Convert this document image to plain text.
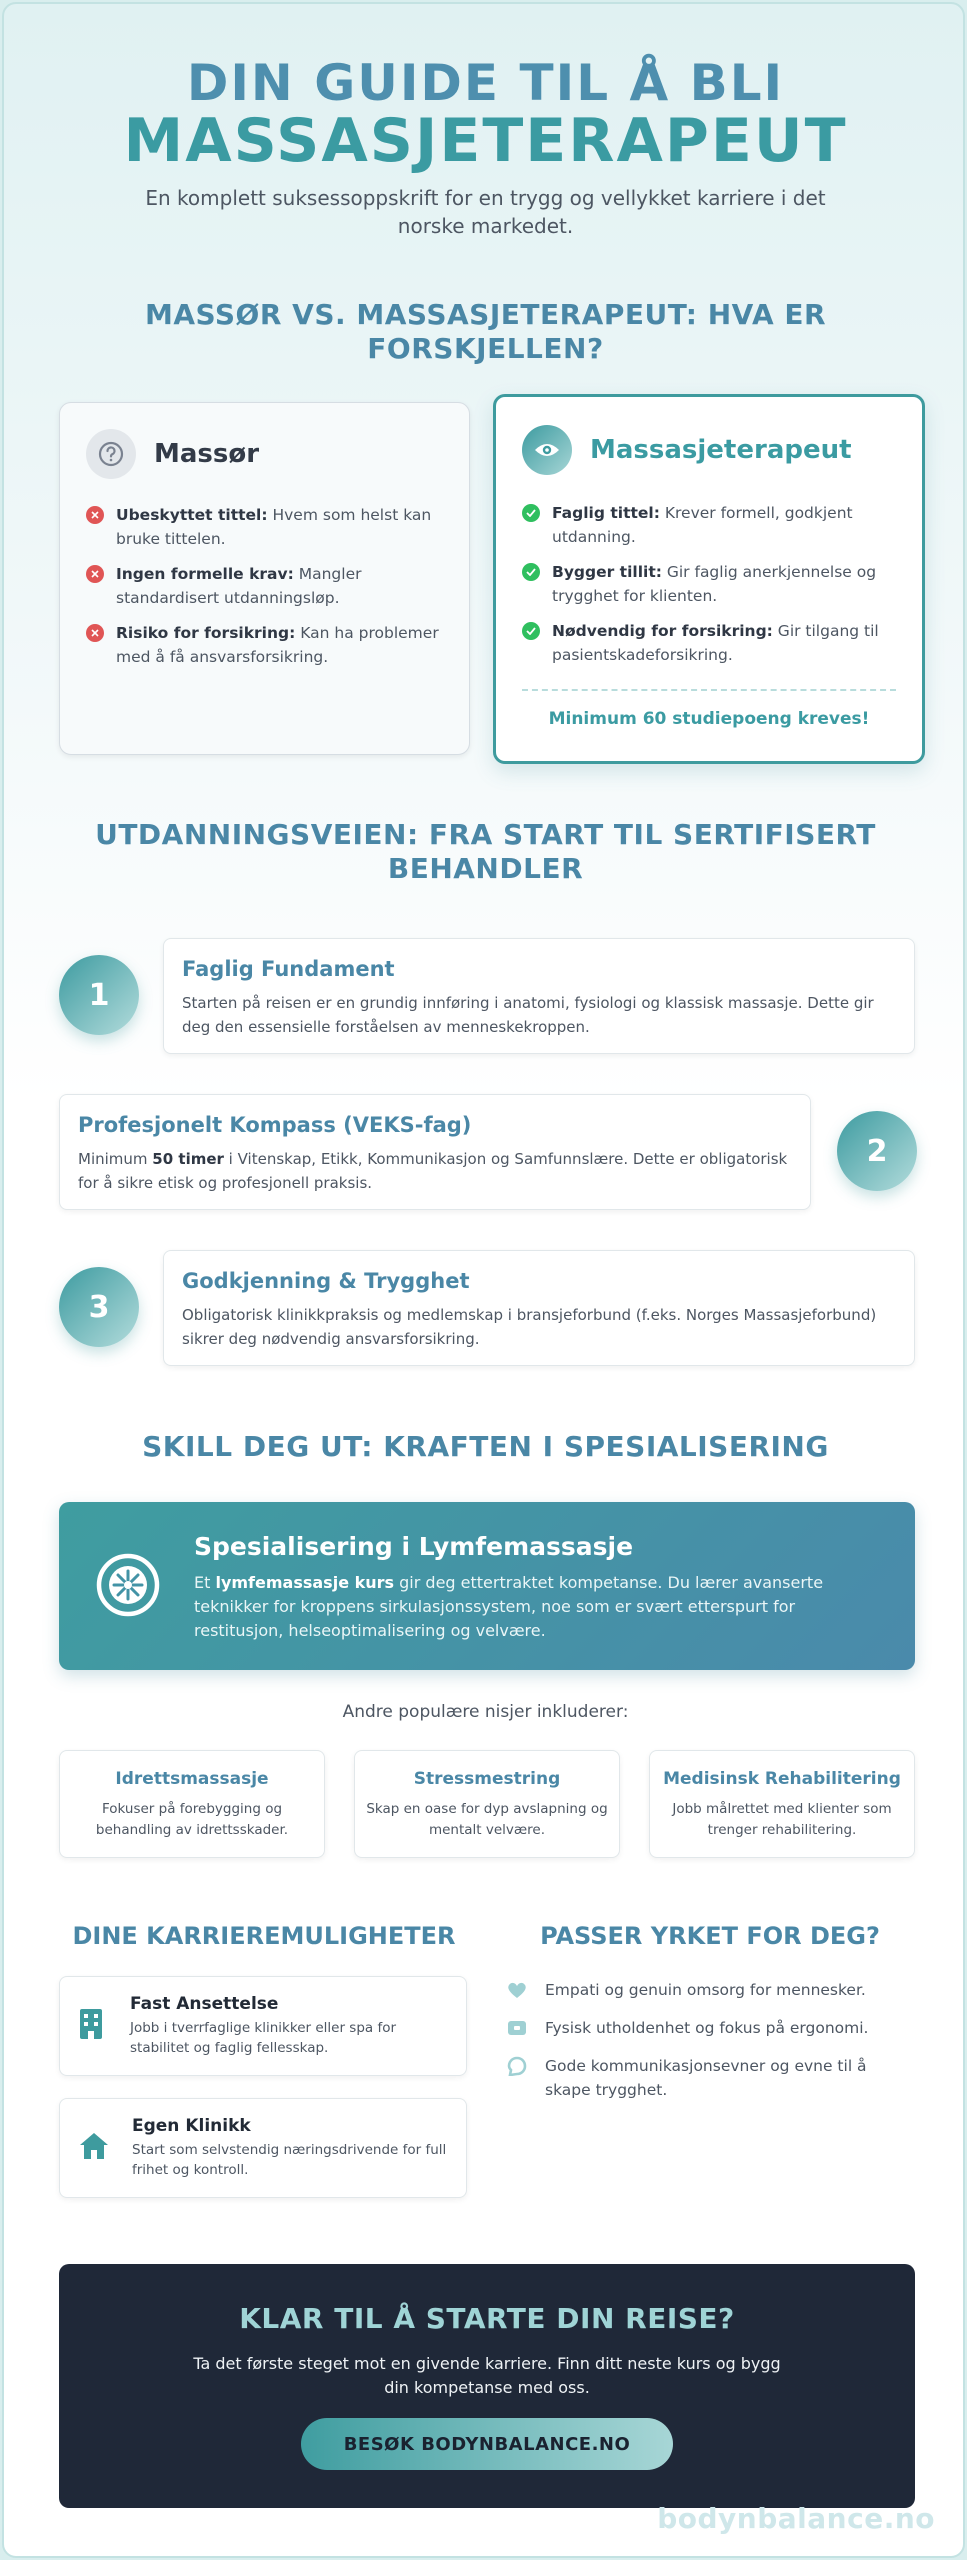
DIN GUIDE TIL Å BLI
MASSASJETERAPEUT
En komplett suksessoppskrift for en trygg og vellykket karriere i det norske markedet.
MASSØR VS. MASSASJETERAPEUT: HVA ER FORSKJELLEN?
Massør
Ubeskyttet tittel: Hvem som helst kan bruke tittelen.
Ingen formelle krav: Mangler standardisert utdanningsløp.
Risiko for forsikring: Kan ha problemer med å få ansvarsforsikring.
Massasjeterapeut
Faglig tittel: Krever formell, godkjent utdanning.
Bygger tillit: Gir faglig anerkjennelse og trygghet for klienten.
Nødvendig for forsikring: Gir tilgang til pasientskadeforsikring.
Minimum 60 studiepoeng kreves!
UTDANNINGSVEIEN: FRA START TIL SERTIFISERT BEHANDLER
1
Faglig Fundament
Starten på reisen er en grundig innføring i anatomi, fysiologi og klassisk massasje. Dette gir deg den essensielle forståelsen av menneskekroppen.
Profesjonelt Kompass (VEKS-fag)
Minimum 50 timer i Vitenskap, Etikk, Kommunikasjon og Samfunnslære. Dette er obligatorisk for å sikre etisk og profesjonell praksis.
2
3
Godkjenning & Trygghet
Obligatorisk klinikkpraksis og medlemskap i bransjeforbund (f.eks. Norges Massasjeforbund) sikrer deg nødvendig ansvarsforsikring.
SKILL DEG UT: KRAFTEN I SPESIALISERING
Spesialisering i Lymfemassasje
Et lymfemassasje kurs gir deg ettertraktet kompetanse. Du lærer avanserte teknikker for kroppens sirkulasjonssystem, noe som er svært etterspurt for restitusjon, helseoptimalisering og velvære.
Andre populære nisjer inkluderer:
Idrettsmassasje
Fokuser på forebygging og behandling av idrettsskader.
Stressmestring
Skap en oase for dyp avslapning og mentalt velvære.
Medisinsk Rehabilitering
Jobb målrettet med klienter som trenger rehabilitering.
DINE KARRIEREMULIGHETER
Fast Ansettelse
Jobb i tverrfaglige klinikker eller spa for stabilitet og faglig fellesskap.
Egen Klinikk
Start som selvstendig næringsdrivende for full frihet og kontroll.
PASSER YRKET FOR DEG?
Empati og genuin omsorg for mennesker.
Fysisk utholdenhet og fokus på ergonomi.
Gode kommunikasjonsevner og evne til å skape trygghet.
KLAR TIL Å STARTE DIN REISE?
Ta det første steget mot en givende karriere. Finn ditt neste kurs og bygg din kompetanse med oss.
BESØK BODYNBALANCE.NO
bodynbalance.no
